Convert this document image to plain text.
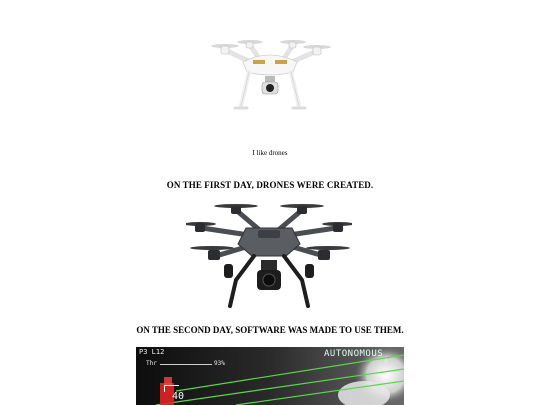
I like drones
ON THE FIRST DAY, DRONES WERE CREATED.
ON THE SECOND DAY, SOFTWARE WAS MADE TO USE THEM.
P3 L12
Thr	93%
AUTONOMOUS
4
40
